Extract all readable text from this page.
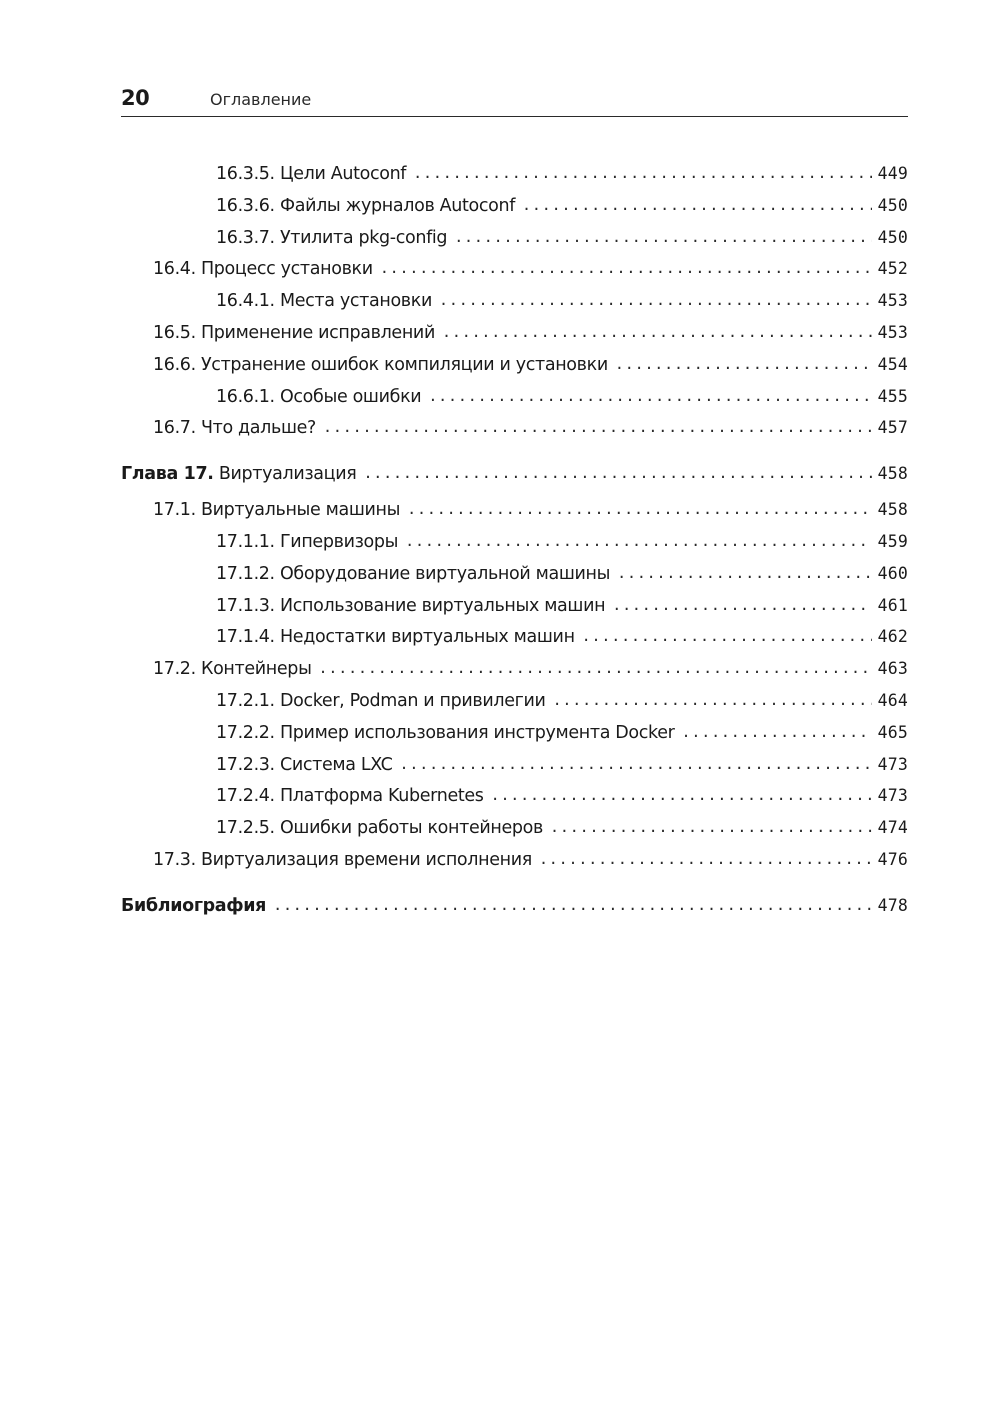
20	Оглавление
16.3.5. Цели Autoconf . . .	449
16.3.6. Файлы журналов Autoconf . . .	450
16.3.7. Утилита pkg-config . . .	450
16.4. Процесс установки . . .	452
16.4.1. Места установки . . .	453
16.5. Применение исправлений . . .	453
16.6. Устранение ошибок компиляции и установки . . .	454
16.6.1. Особые ошибки . . .	455
16.7. Что дальше? . . .	457
Глава 17. Виртуализация . . .	458
17.1. Виртуальные машины . . .	458
17.1.1. Гипервизоры . . .	459
17.1.2. Оборудование виртуальной машины . . .	460
17.1.3. Использование виртуальных машин . . .	461
17.1.4. Недостатки виртуальных машин . . .	462
17.2. Контейнеры . . .	463
17.2.1. Docker, Podman и привилегии . . .	464
17.2.2. Пример использования инструмента Docker . . .	465
17.2.3. Система LXC . . .	473
17.2.4. Платформа Kubernetes . . .	473
17.2.5. Ошибки работы контейнеров . . .	474
17.3. Виртуализация времени исполнения . . .	476
Библиография . . .	478
